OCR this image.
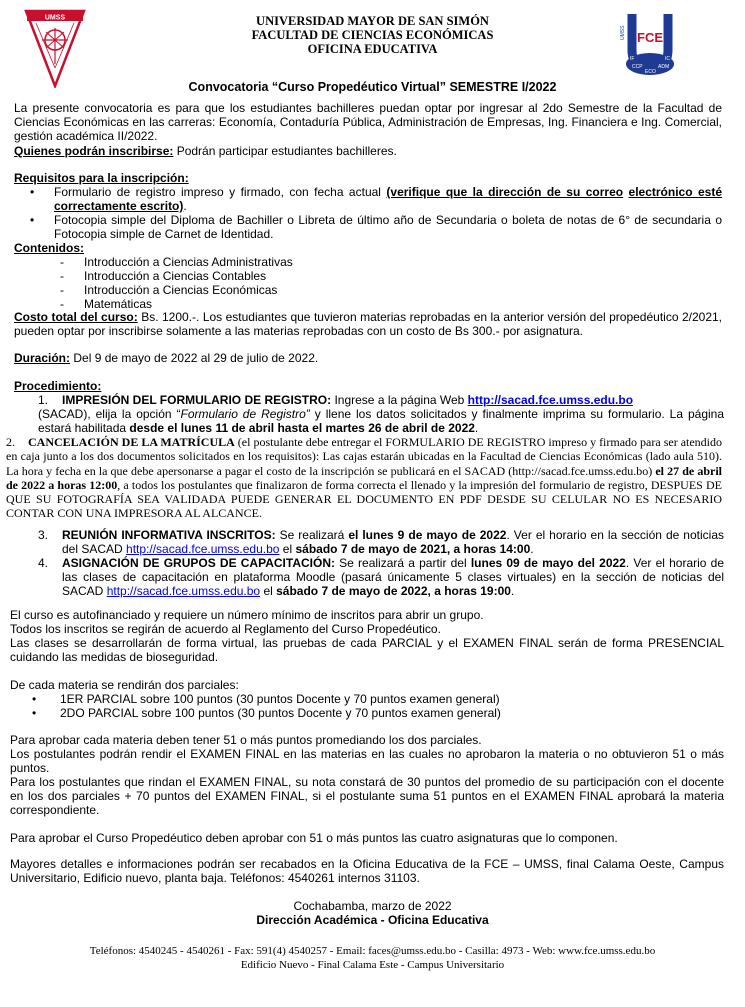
UMSS	UNIVERSIDAD MAYOR DE SAN SIMÓN
FACULTAD DE CIENCIAS ECONÓMICAS
OFICINA EDUCATIVA
FCE
UMSS
IF	IC
CCP	ADM
ECO
Convocatoria “Curso Propedéutico Virtual” SEMESTRE I/2022
La presente convocatoria es para que los estudiantes bachilleres puedan optar por ingresar al 2do Semestre de la Facultad de Ciencias Económicas en las carreras: Economía, Contaduría Pública, Administración de Empresas, Ing. Financiera e Ing. Comercial, gestión académica II/2022.
Quienes podrán inscribirse: Podrán participar estudiantes bachilleres.
Requisitos para la inscripción:
• Formulario de registro impreso y firmado, con fecha actual (verifique que la dirección de su correo electrónico esté correctamente escrito).
• Fotocopia simple del Diploma de Bachiller o Libreta de último año de Secundaria o boleta de notas de 6° de secundaria o Fotocopia simple de Carnet de Identidad.
Contenidos:
- Introducción a Ciencias Administrativas
- Introducción a Ciencias Contables
- Introducción a Ciencias Económicas
- Matemáticas
Costo total del curso: Bs. 1200.-. Los estudiantes que tuvieron materias reprobadas en la anterior versión del propedéutico 2/2021, pueden optar por inscribirse solamente a las materias reprobadas con un costo de Bs 300.- por asignatura.
Duración: Del 9 de mayo de 2022 al 29 de julio de 2022.
Procedimiento:
1. IMPRESIÓN DEL FORMULARIO DE REGISTRO: Ingrese a la página Web http://sacad.fce.umss.edu.bo
(SACAD), elija la opción “Formulario de Registro” y llene los datos solicitados y finalmente imprima su formulario. La página estará habilitada desde el lunes 11 de abril hasta el martes 26 de abril de 2022.
2.	CANCELACIÓN DE LA MATRÍCULA (el postulante debe entregar el FORMULARIO DE REGISTRO impreso y firmado para ser atendido en caja junto a los dos documentos solicitados en los requisitos): Las cajas estarán ubicadas en la Facultad de Ciencias Económicas (lado aula 510). La hora y fecha en la que debe apersonarse a pagar el costo de la inscripción se publicará en el SACAD (http://sacad.fce.umss.edu.bo) el 27 de abril de 2022 a horas 12:00, a todos los postulantes que finalizaron de forma correcta el llenado y la impresión del formulario de registro, DESPUES DE QUE SU FOTOGRAFÍA SEA VALIDADA PUEDE GENERAR EL DOCUMENTO EN PDF DESDE SU CELULAR NO ES NECESARIO CONTAR CON UNA IMPRESORA AL ALCANCE.
3. REUNIÓN INFORMATIVA INSCRITOS: Se realizará el lunes 9 de mayo de 2022. Ver el horario en la sección de noticias del SACAD http://sacad.fce.umss.edu.bo el sábado 7 de mayo de 2021, a horas 14:00.
4. ASIGNACIÓN DE GRUPOS DE CAPACITACIÓN: Se realizará a partir del lunes 09 de mayo del 2022. Ver el horario de las clases de capacitación en plataforma Moodle (pasará únicamente 5 clases virtuales) en la sección de noticias del SACAD http://sacad.fce.umss.edu.bo el sábado 7 de mayo de 2022, a horas 19:00.
El curso es autofinanciado y requiere un número mínimo de inscritos para abrir un grupo.
Todos los inscritos se regirán de acuerdo al Reglamento del Curso Propedéutico.
Las clases se desarrollarán de forma virtual, las pruebas de cada PARCIAL y el EXAMEN FINAL serán de forma PRESENCIAL cuidando las medidas de bioseguridad.
De cada materia se rendirán dos parciales:
• 1ER PARCIAL sobre 100 puntos (30 puntos Docente y 70 puntos examen general)
• 2DO PARCIAL sobre 100 puntos (30 puntos Docente y 70 puntos examen general)
Para aprobar cada materia deben tener 51 o más puntos promediando los dos parciales.
Los postulantes podrán rendir el EXAMEN FINAL en las materias en las cuales no aprobaron la materia o no obtuvieron 51 o más puntos.
Para los postulantes que rindan el EXAMEN FINAL, su nota constará de 30 puntos del promedio de su participación con el docente en los dos parciales + 70 puntos del EXAMEN FINAL, si el postulante suma 51 puntos en el EXAMEN FINAL aprobará la materia correspondiente.
Para aprobar el Curso Propedéutico deben aprobar con 51 o más puntos las cuatro asignaturas que lo componen.
Mayores detalles e informaciones podrán ser recabados en la Oficina Educativa de la FCE – UMSS, final Calama Oeste, Campus Universitario, Edificio nuevo, planta baja. Teléfonos: 4540261 internos 31103.
Cochabamba, marzo de 2022
Dirección Académica - Oficina Educativa
Teléfonos: 4540245 - 4540261 - Fax: 591(4) 4540257 - Email: faces@umss.edu.bo - Casilla: 4973 - Web: www.fce.umss.edu.bo
Edificio Nuevo - Final Calama Este - Campus Universitario
